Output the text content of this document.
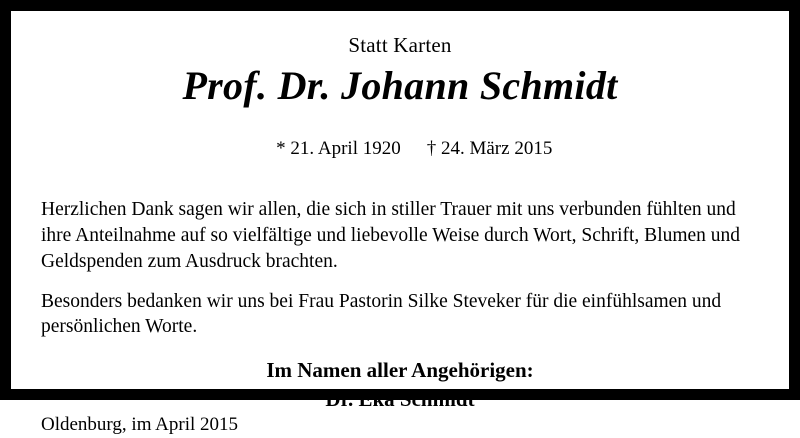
Statt Karten
Prof. Dr. Johann Schmidt

* 21. April 1920 † 24. März 2015

Herzlichen Dank sagen wir allen, die sich in stiller Trauer mit uns verbunden fühlten und ihre Anteilnahme auf so vielfältige und liebevolle Weise durch Wort, Schrift, Blumen und Geldspenden zum Ausdruck brachten.
Besonders bedanken wir uns bei Frau Pastorin Silke Steveker für die einfühlsamen und persönlichen Worte.
Im Namen aller Angehörigen:
Dr. Eka Schmidt
Oldenburg, im April 2015
